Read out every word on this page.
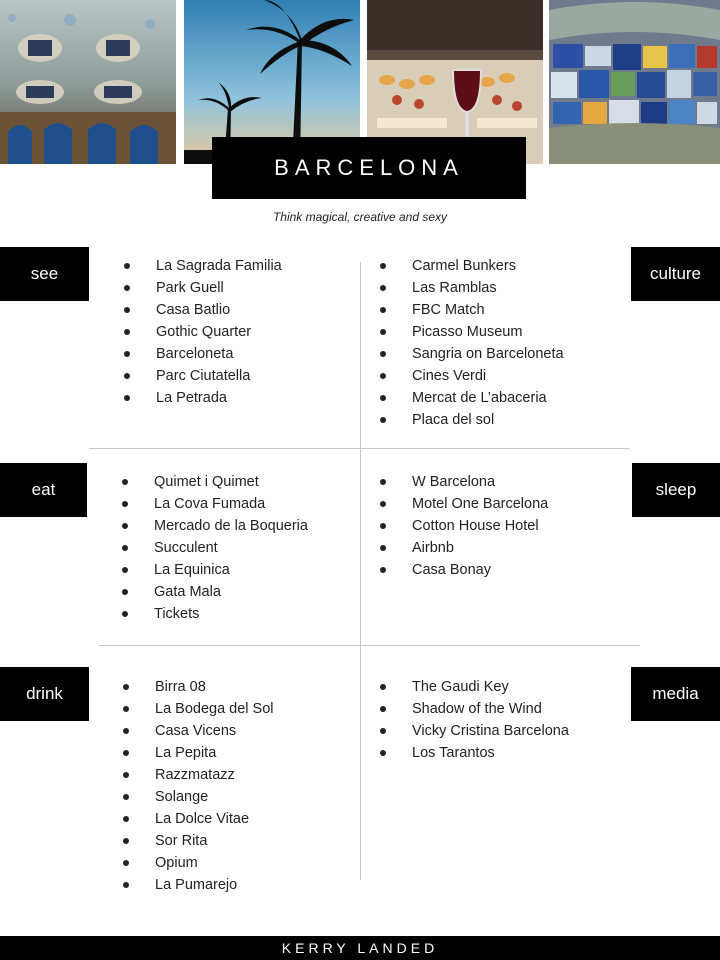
BARCELONA
Think magical, creative and sexy
see
eat
drink
culture
sleep
media
La Sagrada Familia
Park Guell
Casa Batlio
Gothic Quarter
Barceloneta
Parc Ciutatella
La Petrada
Carmel Bunkers
Las Ramblas
FBC Match
Picasso Museum
Sangria on Barceloneta
Cines Verdi
Mercat de L’abaceria
Placa del sol
Quimet i Quimet
La Cova Fumada
Mercado de la Boqueria
Succulent
La Equinica
Gata Mala
Tickets
W Barcelona
Motel One Barcelona
Cotton House Hotel
Airbnb
Casa Bonay
Birra 08
La Bodega del Sol
Casa Vicens
La Pepita
Razzmatazz
Solange
La Dolce Vitae
Sor Rita
Opium
La Pumarejo
The Gaudi Key
Shadow of the Wind
Vicky Cristina Barcelona
Los Tarantos
KERRY LANDED
